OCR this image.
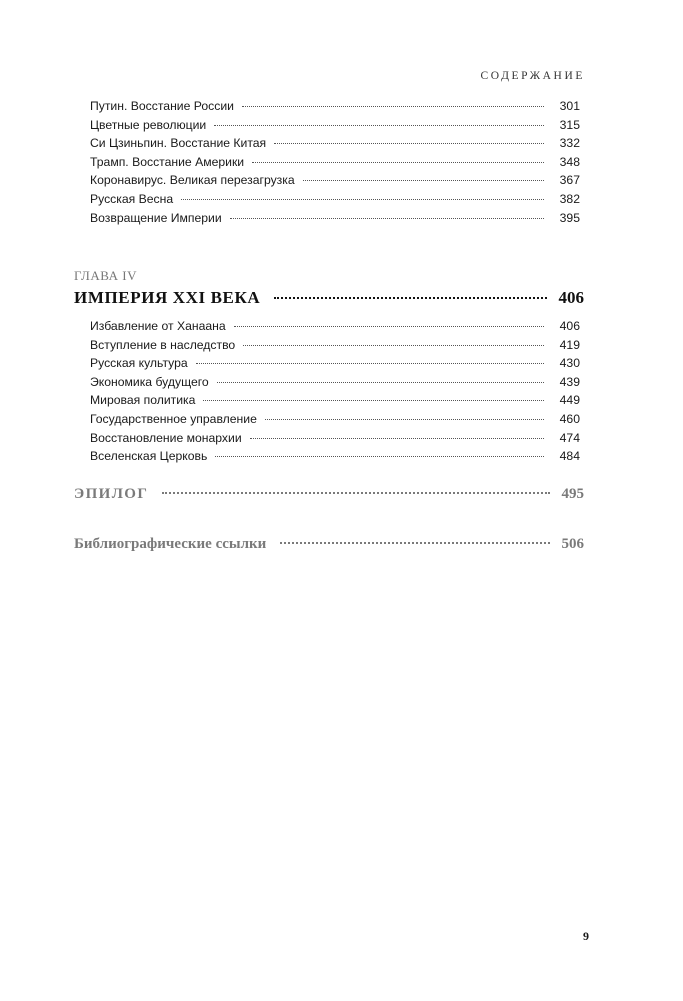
СОДЕРЖАНИЕ
Путин. Восстание России	301
Цветные революции	315
Си Цзиньпин. Восстание Китая	332
Трамп. Восстание Америки	348
Коронавирус. Великая перезагрузка	367
Русская Весна	382
Возвращение Империи	395
ГЛАВА IV
ИМПЕРИЯ XXI ВЕКА	406
Избавление от Ханаана	406
Вступление в наследство	419
Русская культура	430
Экономика будущего	439
Мировая политика	449
Государственное управление	460
Восстановление монархии	474
Вселенская Церковь	484
ЭПИЛОГ	495
Библиографические ссылки	506
9
